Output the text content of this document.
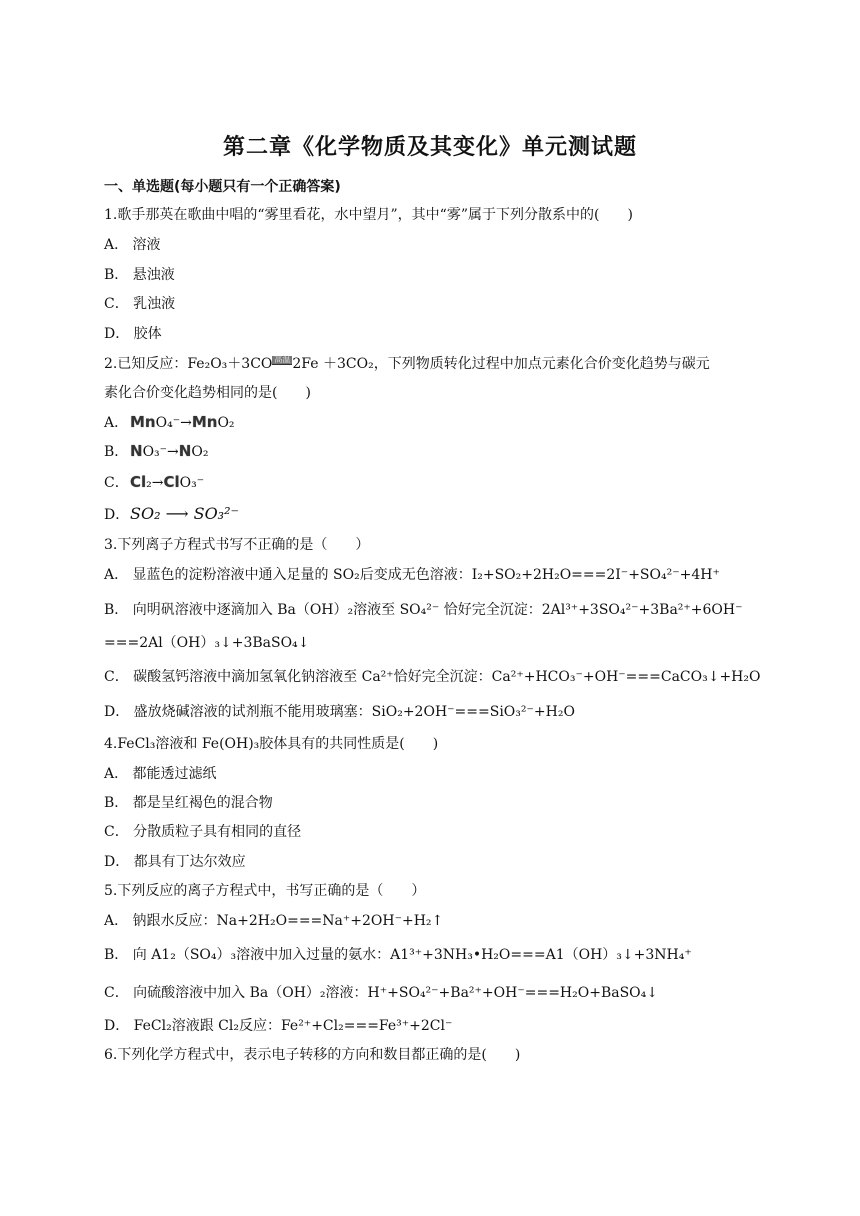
第二章《化学物质及其变化》单元测试题
一、单选题(每小题只有一个正确答案)
1.歌手那英在歌曲中唱的“雾里看花，水中望月”，其中“雾”属于下列分散系中的(　　)
A． 溶液
B． 悬浊液
C． 乳浊液
D． 胶体
2.已知反应：Fe₂O₃＋3CO 高温 2Fe ＋3CO₂，下列物质转化过程中加点元素化合价变化趋势与碳元
素化合价变化趋势相同的是(　　)
A． MnO₄⁻→MnO₂
B． NO₃⁻→NO₂
C．Cl₂→ClO₃⁻
D．SO₂ ⟶ SO₃²⁻
3.下列离子方程式书写不正确的是（　　）
A． 显蓝色的淀粉溶液中通入足量的 SO₂后变成无色溶液：I₂+SO₂+2H₂O===2I⁻+SO₄²⁻+4H⁺
B． 向明矾溶液中逐滴加入 Ba（OH）₂溶液至 SO₄²⁻ 恰好完全沉淀：2Al³⁺+3SO₄²⁻+3Ba²⁺+6OH⁻
===2Al（OH）₃↓+3BaSO₄↓
C． 碳酸氢钙溶液中滴加氢氧化钠溶液至 Ca²⁺恰好完全沉淀：Ca²⁺+HCO₃⁻+OH⁻===CaCO₃↓+H₂O
D． 盛放烧碱溶液的试剂瓶不能用玻璃塞：SiO₂+2OH⁻===SiO₃²⁻+H₂O
4.FeCl₃溶液和 Fe(OH)₃胶体具有的共同性质是(　　)
A． 都能透过滤纸
B． 都是呈红褐色的混合物
C． 分散质粒子具有相同的直径
D． 都具有丁达尔效应
5.下列反应的离子方程式中，书写正确的是（　　）
A． 钠跟水反应：Na+2H₂O===Na⁺+2OH⁻+H₂↑
B． 向 A1₂（SO₄）₃溶液中加入过量的氨水：A1³⁺+3NH₃•H₂O===A1（OH）₃↓+3NH₄⁺
C． 向硫酸溶液中加入 Ba（OH）₂溶液：H⁺+SO₄²⁻+Ba²⁺+OH⁻===H₂O+BaSO₄↓
D． FeCl₂溶液跟 Cl₂反应：Fe²⁺+Cl₂===Fe³⁺+2Cl⁻
6.下列化学方程式中，表示电子转移的方向和数目都正确的是(　　)
